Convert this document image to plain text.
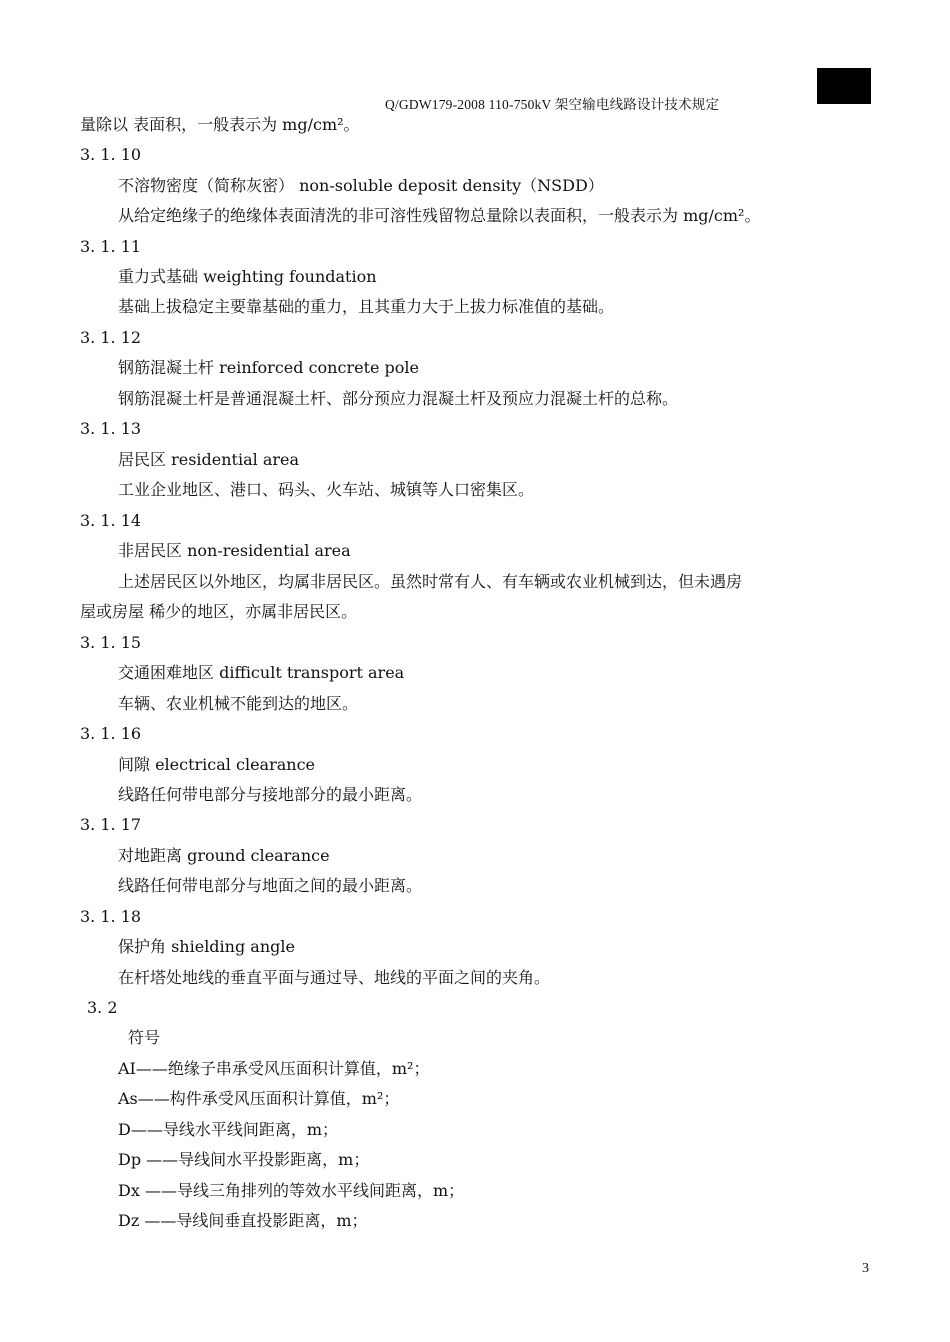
Q/GDW179-2008 110-750kV 架空输电线路设计技术规定
量除以 表面积，一般表示为 mg/cm²。
3. 1. 10
不溶物密度（简称灰密） non-soluble deposit density（NSDD）
从给定绝缘子的绝缘体表面清洗的非可溶性残留物总量除以表面积，一般表示为 mg/cm²。
3. 1. 11
重力式基础 weighting foundation
基础上拔稳定主要靠基础的重力，且其重力大于上拔力标准值的基础。
3. 1. 12
钢筋混凝土杆 reinforced concrete pole
钢筋混凝土杆是普通混凝土杆、部分预应力混凝土杆及预应力混凝土杆的总称。
3. 1. 13
居民区 residential area
工业企业地区、港口、码头、火车站、城镇等人口密集区。
3. 1. 14
非居民区 non-residential area
上述居民区以外地区，均属非居民区。虽然时常有人、有车辆或农业机械到达，但未遇房
屋或房屋 稀少的地区，亦属非居民区。
3. 1. 15
交通困难地区 difficult transport area
车辆、农业机械不能到达的地区。
3. 1. 16
间隙 electrical clearance
线路任何带电部分与接地部分的最小距离。
3. 1. 17
对地距离 ground clearance
线路任何带电部分与地面之间的最小距离。
3. 1. 18
保护角 shielding angle
在杆塔处地线的垂直平面与通过导、地线的平面之间的夹角。
3. 2
符号
AI——绝缘子串承受风压面积计算值，m²；
As——构件承受风压面积计算值，m²；
D——导线水平线间距离，m；
Dp ——导线间水平投影距离，m；
Dx ——导线三角排列的等效水平线间距离，m；
Dz ——导线间垂直投影距离，m；
3
